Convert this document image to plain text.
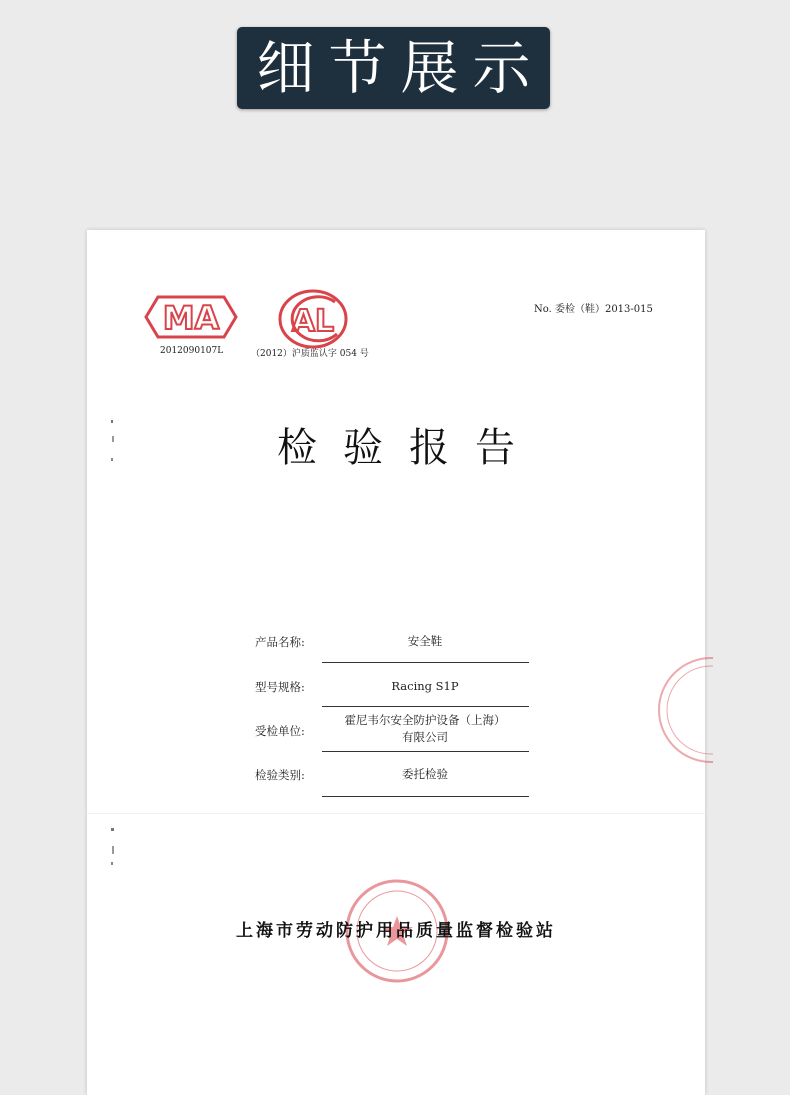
细节展示
MA AL
2012090107L	（2012）沪质监认字 054 号
No. 委检（鞋）2013-015
检验报告
产品名称:	安全鞋
型号规格:	Racing S1P
受检单位:
霍尼韦尔安全防护设备（上海）
有限公司
检验类别:	委托检验
上海市劳动防护用品质量监督检验站
